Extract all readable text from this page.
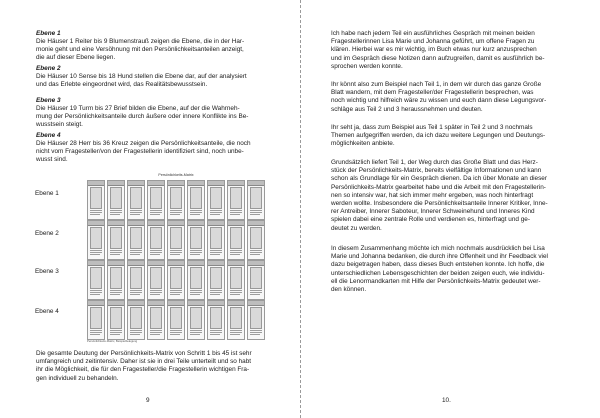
Ebene 1
Die Häuser 1 Reiter bis 9 Blumenstrauß zeigen die Ebene, die in der Har-
monie geht und eine Versöhnung mit den Persönlichkeitsanteilen anzeigt,
die auf dieser Ebene liegen.
Ebene 2
Die Häuser 10 Sense bis 18 Hund stellen die Ebene dar, auf der analysiert
und das Erlebte eingeordnet wird, das Realitätsbewusstsein.
Ebene 3
Die Häuser 19 Turm bis 27 Brief bilden die Ebene, auf der die Wahrneh-
mung der Persönlichkeitsanteile durch äußere oder innere Konflikte ins Be-
wusstsein steigt.
Ebene 4
Die Häuser 28 Herr bis 36 Kreuz zeigen die Persönlichkeitsanteile, die noch
nicht vom Fragesteller/von der Fragestellerin identifiziert sind, noch unbe-
wusst sind.
Ebene 1
Ebene 2
Ebene 3
Ebene 4
Persönlichkeits-Matrix
Persönlichkeits-Matrix, Beispielbelegung
Die gesamte Deutung der Persönlichkeits-Matrix von Schritt 1 bis 45 ist sehr
umfangreich und zeitintensiv. Daher ist sie in drei Teile unterteilt und so habt
ihr die Möglichkeit, die für den Fragesteller/die Fragestellerin wichtigen Fra-
gen individuell zu behandeln.
9
Ich habe nach jedem Teil ein ausführliches Gespräch mit meinen beiden
Fragestellerinnen Lisa Marie und Johanna geführt, um offene Fragen zu
klären. Hierbei war es mir wichtig, im Buch etwas nur kurz anzusprechen
und im Gespräch diese Notizen dann aufzugreifen, damit es ausführlich be-
sprochen werden konnte.
Ihr könnt also zum Beispiel nach Teil 1, in dem wir durch das ganze Große
Blatt wandern, mit dem Fragesteller/der Fragestellerin besprechen, was
noch wichtig und hilfreich wäre zu wissen und euch dann diese Legungsvor-
schläge aus Teil 2 und 3 heraussnehmen und deuten.
Ihr seht ja, dass zum Beispiel aus Teil 1 später in Teil 2 und 3 nochmals
Themen aufgegriffen werden, da ich dazu weitere Legungen und Deutungs-
möglichkeiten anbiete.
Grundsätzlich liefert Teil 1, der Weg durch das Große Blatt und das Herz-
stück der Persönlichkeits-Matrix, bereits vielfältige Informationen und kann
schon als Grundlage für ein Gespräch dienen. Da ich über Monate an dieser
Persönlichkeits-Matrix gearbeitet habe und die Arbeit mit den Fragestellerin-
nen so intensiv war, hat sich immer mehr ergeben, was noch hinterfragt
werden wollte. Insbesondere die Persönlichkeitsanteile Innerer Kritiker, Inne-
rer Antreiber, Innerer Saboteur, Innerer Schweinehund und Inneres Kind
spielen dabei eine zentrale Rolle und verdienen es, hinterfragt und ge-
deutet zu werden.
In diesem Zusammenhang möchte ich mich nochmals ausdrücklich bei Lisa
Marie und Johanna bedanken, die durch ihre Offenheit und ihr Feedback viel
dazu beigetragen haben, dass dieses Buch entstehen konnte. Ich hoffe, die
unterschiedlichen Lebensgeschichten der beiden zeigen euch, wie individu-
ell die Lenormandkarten mit Hilfe der Persönlichkeits-Matrix gedeutet wer-
den können.
10.
